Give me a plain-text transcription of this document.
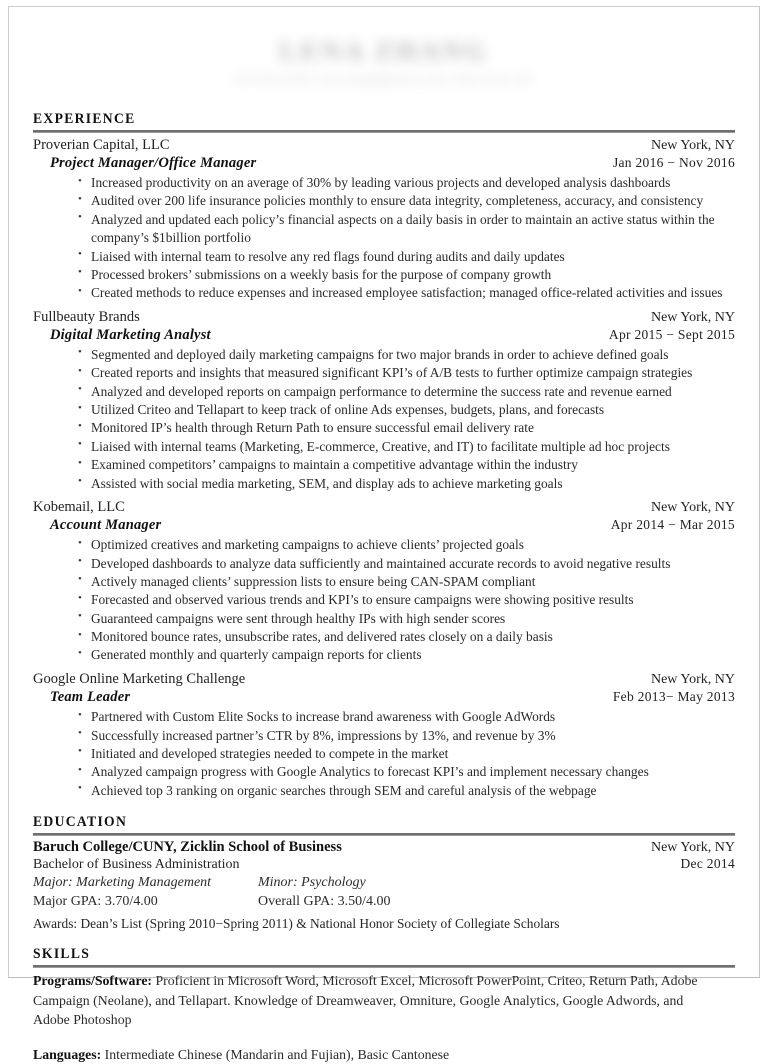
LENA ZHANG
347-555-0199 | lena.zhang@email.com | New York, NY
EXPERIENCE
Proverian Capital, LLC	New York, NY
Project Manager/Office Manager	Jan 2016 − Nov 2016
• Increased productivity on an average of 30% by leading various projects and developed analysis dashboards
• Audited over 200 life insurance policies monthly to ensure data integrity, completeness, accuracy, and consistency
• Analyzed and updated each policy’s financial aspects on a daily basis in order to maintain an active status within the company’s $1billion portfolio
• Liaised with internal team to resolve any red flags found during audits and daily updates
• Processed brokers’ submissions on a weekly basis for the purpose of company growth
• Created methods to reduce expenses and increased employee satisfaction; managed office-related activities and issues
Fullbeauty Brands	New York, NY
Digital Marketing Analyst	Apr 2015 − Sept 2015
• Segmented and deployed daily marketing campaigns for two major brands in order to achieve defined goals
• Created reports and insights that measured significant KPI’s of A/B tests to further optimize campaign strategies
• Analyzed and developed reports on campaign performance to determine the success rate and revenue earned
• Utilized Criteo and Tellapart to keep track of online Ads expenses, budgets, plans, and forecasts
• Monitored IP’s health through Return Path to ensure successful email delivery rate
• Liaised with internal teams (Marketing, E-commerce, Creative, and IT) to facilitate multiple ad hoc projects
• Examined competitors’ campaigns to maintain a competitive advantage within the industry
• Assisted with social media marketing, SEM, and display ads to achieve marketing goals
Kobemail, LLC	New York, NY
Account Manager	Apr 2014 − Mar 2015
• Optimized creatives and marketing campaigns to achieve clients’ projected goals
• Developed dashboards to analyze data sufficiently and maintained accurate records to avoid negative results
• Actively managed clients’ suppression lists to ensure being CAN-SPAM compliant
• Forecasted and observed various trends and KPI’s to ensure campaigns were showing positive results
• Guaranteed campaigns were sent through healthy IPs with high sender scores
• Monitored bounce rates, unsubscribe rates, and delivered rates closely on a daily basis
• Generated monthly and quarterly campaign reports for clients
Google Online Marketing Challenge	New York, NY
Team Leader	Feb 2013− May 2013
• Partnered with Custom Elite Socks to increase brand awareness with Google AdWords
• Successfully increased partner’s CTR by 8%, impressions by 13%, and revenue by 3%
• Initiated and developed strategies needed to compete in the market
• Analyzed campaign progress with Google Analytics to forecast KPI’s and implement necessary changes
• Achieved top 3 ranking on organic searches through SEM and careful analysis of the webpage
EDUCATION
Baruch College/CUNY, Zicklin School of Business	New York, NY
Bachelor of Business Administration	Dec 2014
Major: Marketing Management	Minor: Psychology
Major GPA: 3.70/4.00	Overall GPA: 3.50/4.00
Awards: Dean’s List (Spring 2010−Spring 2011) & National Honor Society of Collegiate Scholars
SKILLS
Programs/Software: Proficient in Microsoft Word, Microsoft Excel, Microsoft PowerPoint, Criteo, Return Path, Adobe Campaign (Neolane), and Tellapart. Knowledge of Dreamweaver, Omniture, Google Analytics, Google Adwords, and Adobe Photoshop
Languages: Intermediate Chinese (Mandarin and Fujian), Basic Cantonese
